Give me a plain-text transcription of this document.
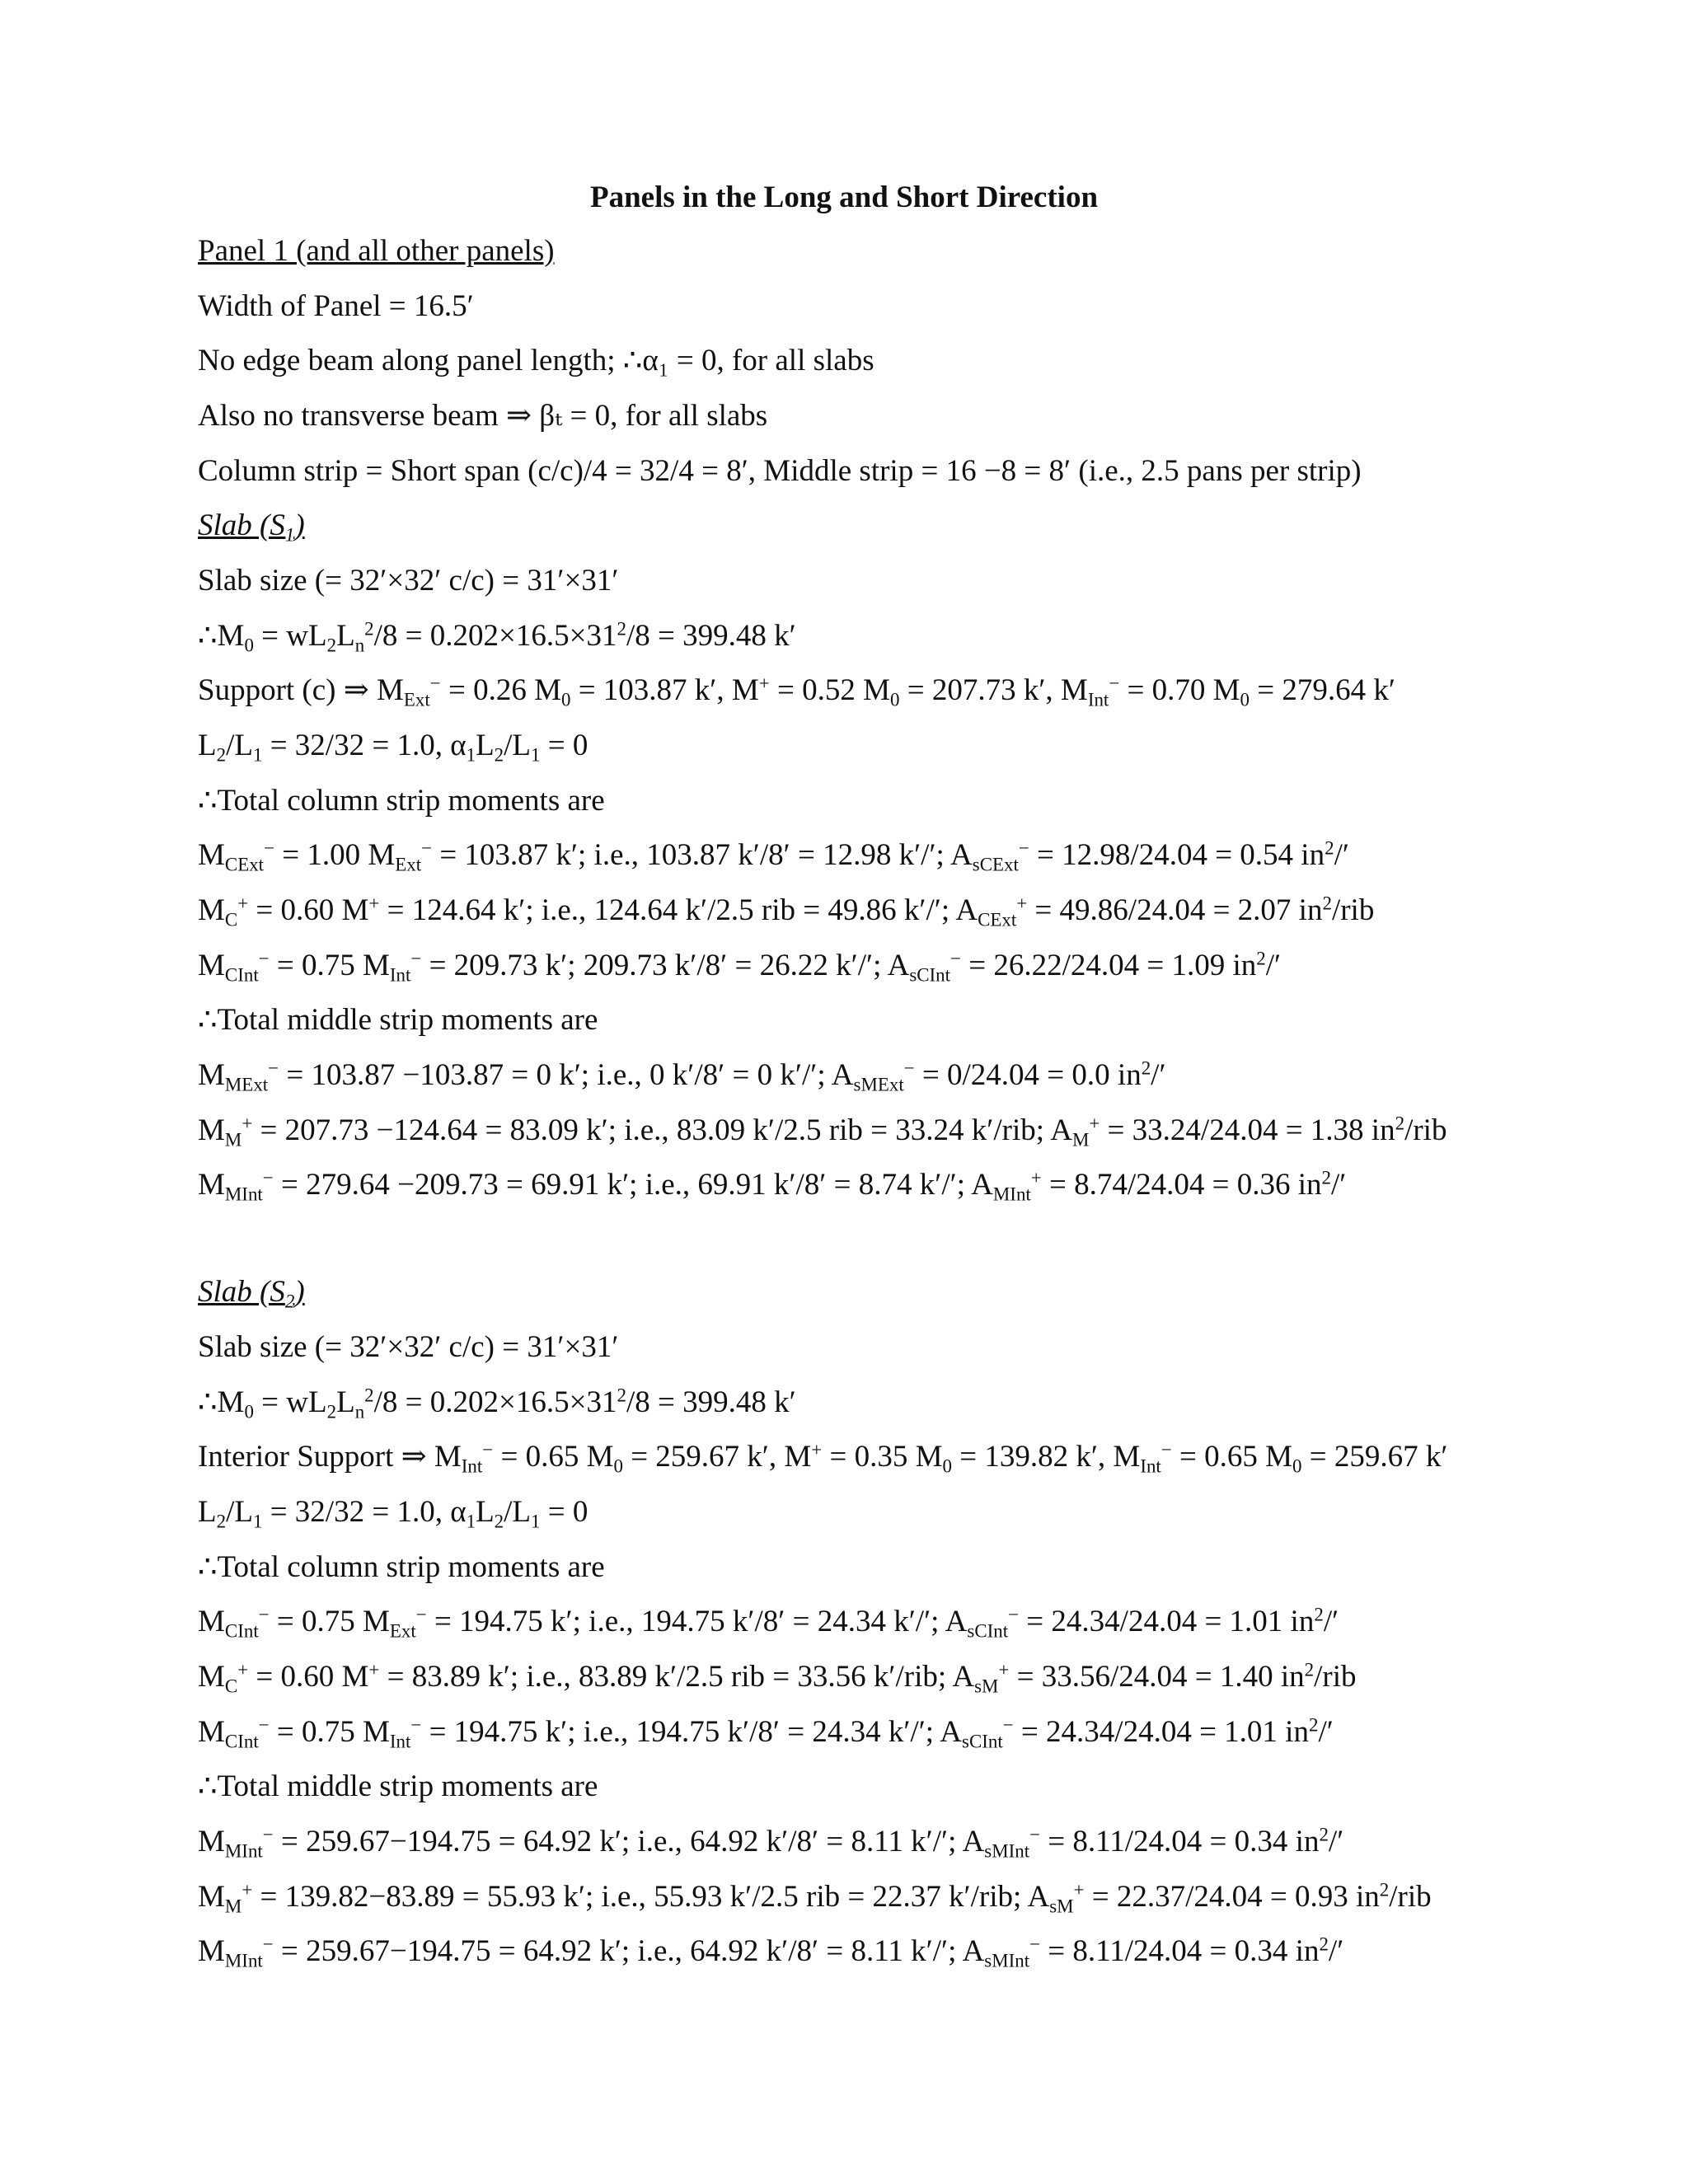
Panels in the Long and Short Direction
Panel 1 (and all other panels)
Width of Panel = 16.5′
No edge beam along panel length; ∴α₁ = 0, for all slabs
Also no transverse beam ⇒ βₜ = 0, for all slabs
Column strip = Short span (c/c)/4 = 32/4 = 8′, Middle strip = 16 −8 = 8′ (i.e., 2.5 pans per strip)
Slab $(S_1)$
Slab size (= 32′×32′ c/c) = 31′×31′
$\therefore M_0 = wL_2L_n^2/8 = 0.202\times 16.5\times 31^2/8 = 399.48$ k′
Support (c) ⇒ $M_{Ext}^- = 0.26$ $M_0 = 103.87$ k′, M+ = 0.52 $M_0 = 207.73$ k′, $M_{Int}^- = 0.70$ $M_0 = 279.64$ k′
$L_2/L_1 = 32/32 = 1.0$, $\alpha_1L_2/L_1 = 0$
∴Total column strip moments are
$M_{CExt}^- = 1.00$ $M_{Ext}^- = 103.87$ k′; i.e., 103.87 k′/8′ = 12.98 k′/′; $A_{sCExt}^- = 12.98/24.04 = 0.54$ $in^2/'$
$M_C^+ = 0.60$ M+ = 124.64 k′; i.e., 124.64 k′/2.5 rib = 49.86 k′/′; $A_{CExt}^+ = 49.86/24.04 = 2.07$ $in^2$/rib
$M_{CInt}^- = 0.75$ $M_{Int}^- = 209.73$ k′; 209.73 k′/8′ = 26.22 k′/′; $A_{sCInt}^- = 26.22/24.04 = 1.09$ $in^2/'$
∴Total middle strip moments are
$M_{MExt}^- = 103.87 -103.87 = 0$ k′; i.e., 0 k′/8′ = 0 k′/′; $A_{sMExt}^- = 0/24.04 = 0.0$ $in^2/'$
$M_M^+ = 207.73 -124.64 = 83.09$ k′; i.e., 83.09 k′/2.5 rib = 33.24 k′/rib; $A_M^+ = 33.24/24.04 = 1.38$ $in^2$/rib
$M_{MInt}^- = 279.64 -209.73 = 69.91$ k′; i.e., 69.91 k′/8′ = 8.74 k′/′; $A_{MInt}^+ = 8.74/24.04 = 0.36$ $in^2/'$
Slab $(S_2)$
Slab size (= 32′×32′ c/c) = 31′×31′
$\therefore M_0 = wL_2L_n^2/8 = 0.202\times 16.5\times 31^2/8 = 399.48$ k′
Interior Support ⇒ $M_{Int}^- = 0.65$ $M_0 = 259.67$ k′, M+ = 0.35 $M_0 = 139.82$ k′, $M_{Int}^- = 0.65$ $M_0 = 259.67$ k′
$L_2/L_1 = 32/32 = 1.0$, $\alpha_1L_2/L_1 = 0$
∴Total column strip moments are
$M_{CInt}^- = 0.75$ $M_{Ext}^- = 194.75$ k′; i.e., 194.75 k′/8′ = 24.34 k′/′; $A_{sCInt}^- = 24.34/24.04 = 1.01$ $in^2/'$
$M_C^+ = 0.60$ M+ = 83.89 k′; i.e., 83.89 k′/2.5 rib = 33.56 k′/rib; $A_{sM}^+ = 33.56/24.04 = 1.40$ $in^2$/rib
$M_{CInt}^- = 0.75$ $M_{Int}^- = 194.75$ k′; i.e., 194.75 k′/8′ = 24.34 k′/′; $A_{sCInt}^- = 24.34/24.04 = 1.01$ $in^2/'$
∴Total middle strip moments are
$M_{MInt}^- = 259.67-194.75 = 64.92$ k′; i.e., 64.92 k′/8′ = 8.11 k′/′; $A_{sMInt}^- = 8.11/24.04 = 0.34$ $in^2/'$
$M_M^+ = 139.82-83.89 = 55.93$ k′; i.e., 55.93 k′/2.5 rib = 22.37 k′/rib; $A_{sM}^+ = 22.37/24.04 = 0.93$ $in^2$/rib
$M_{MInt}^- = 259.67-194.75 = 64.92$ k′; i.e., 64.92 k′/8′ = 8.11 k′/′; $A_{sMInt}^- = 8.11/24.04 = 0.34$ $in^2/'$
